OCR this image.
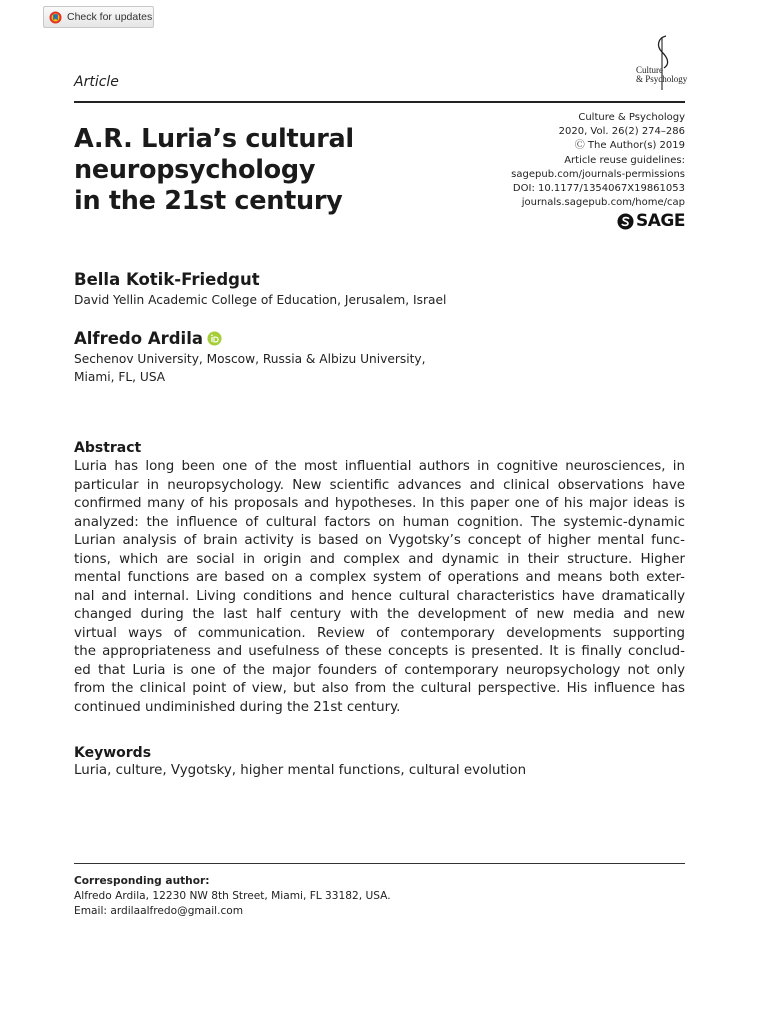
Check for updates
Article
Culture
& Psychology
A.R. Luria’s cultural
neuropsychology
in the 21st century
Culture & Psychology
2020, Vol. 26(2) 274–286
Ⓒ The Author(s) 2019
Article reuse guidelines:
sagepub.com/journals-permissions
DOI: 10.1177/1354067X19861053
journals.sagepub.com/home/cap
SAGE
Bella Kotik-Friedgut
David Yellin Academic College of Education, Jerusalem, Israel
Alfredo Ardila
Sechenov University, Moscow, Russia & Albizu University,
Miami, FL, USA
Abstract
Luria has long been one of the most influential authors in cognitive neurosciences, in
particular in neuropsychology. New scientific advances and clinical observations have
confirmed many of his proposals and hypotheses. In this paper one of his major ideas is
analyzed: the influence of cultural factors on human cognition. The systemic-dynamic
Lurian analysis of brain activity is based on Vygotsky’s concept of higher mental func-
tions, which are social in origin and complex and dynamic in their structure. Higher
mental functions are based on a complex system of operations and means both exter-
nal and internal. Living conditions and hence cultural characteristics have dramatically
changed during the last half century with the development of new media and new
virtual ways of communication. Review of contemporary developments supporting
the appropriateness and usefulness of these concepts is presented. It is finally conclud-
ed that Luria is one of the major founders of contemporary neuropsychology not only
from the clinical point of view, but also from the cultural perspective. His influence has
continued undiminished during the 21st century.
Keywords
Luria, culture, Vygotsky, higher mental functions, cultural evolution
Corresponding author:
Alfredo Ardila, 12230 NW 8th Street, Miami, FL 33182, USA.
Email: ardilaalfredo@gmail.com
